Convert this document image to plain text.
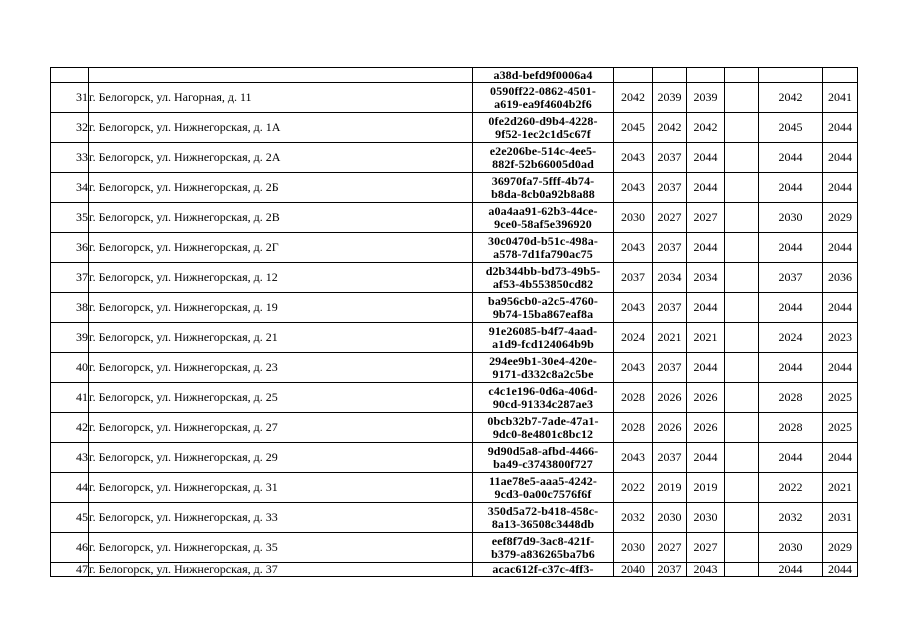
		a38d-befd9f0006a4						
31	г. Белогорск, ул. Нагорная, д. 11	0590ff22-0862-4501-
a619-ea9f4604b2f6	2042	2039	2039		2042	2041
32	г. Белогорск, ул. Нижнегорская, д. 1А	0fe2d260-d9b4-4228-
9f52-1ec2c1d5c67f	2045	2042	2042		2045	2044
33	г. Белогорск, ул. Нижнегорская, д. 2А	e2e206be-514c-4ee5-
882f-52b66005d0ad	2043	2037	2044		2044	2044
34	г. Белогорск, ул. Нижнегорская, д. 2Б	36970fa7-5fff-4b74-
b8da-8cb0a92b8a88	2043	2037	2044		2044	2044
35	г. Белогорск, ул. Нижнегорская, д. 2В	a0a4aa91-62b3-44ce-
9ce0-58af5e396920	2030	2027	2027		2030	2029
36	г. Белогорск, ул. Нижнегорская, д. 2Г	30c0470d-b51c-498a-
a578-7d1fa790ac75	2043	2037	2044		2044	2044
37	г. Белогорск, ул. Нижнегорская, д. 12	d2b344bb-bd73-49b5-
af53-4b553850cd82	2037	2034	2034		2037	2036
38	г. Белогорск, ул. Нижнегорская, д. 19	ba956cb0-a2c5-4760-
9b74-15ba867eaf8a	2043	2037	2044		2044	2044
39	г. Белогорск, ул. Нижнегорская, д. 21	91e26085-b4f7-4aad-
a1d9-fcd124064b9b	2024	2021	2021		2024	2023
40	г. Белогорск, ул. Нижнегорская, д. 23	294ee9b1-30e4-420e-
9171-d332c8a2c5be	2043	2037	2044		2044	2044
41	г. Белогорск, ул. Нижнегорская, д. 25	c4c1e196-0d6a-406d-
90cd-91334c287ae3	2028	2026	2026		2028	2025
42	г. Белогорск, ул. Нижнегорская, д. 27	0bcb32b7-7ade-47a1-
9dc0-8e4801c8bc12	2028	2026	2026		2028	2025
43	г. Белогорск, ул. Нижнегорская, д. 29	9d90d5a8-afbd-4466-
ba49-c3743800f727	2043	2037	2044		2044	2044
44	г. Белогорск, ул. Нижнегорская, д. 31	11ae78e5-aaa5-4242-
9cd3-0a00c7576f6f	2022	2019	2019		2022	2021
45	г. Белогорск, ул. Нижнегорская, д. 33	350d5a72-b418-458c-
8a13-36508c3448db	2032	2030	2030		2032	2031
46	г. Белогорск, ул. Нижнегорская, д. 35	eef8f7d9-3ac8-421f-
b379-a836265ba7b6	2030	2027	2027		2030	2029
47	г. Белогорск, ул. Нижнегорская, д. 37	acac612f-c37c-4ff3-	2040	2037	2043		2044	2044
